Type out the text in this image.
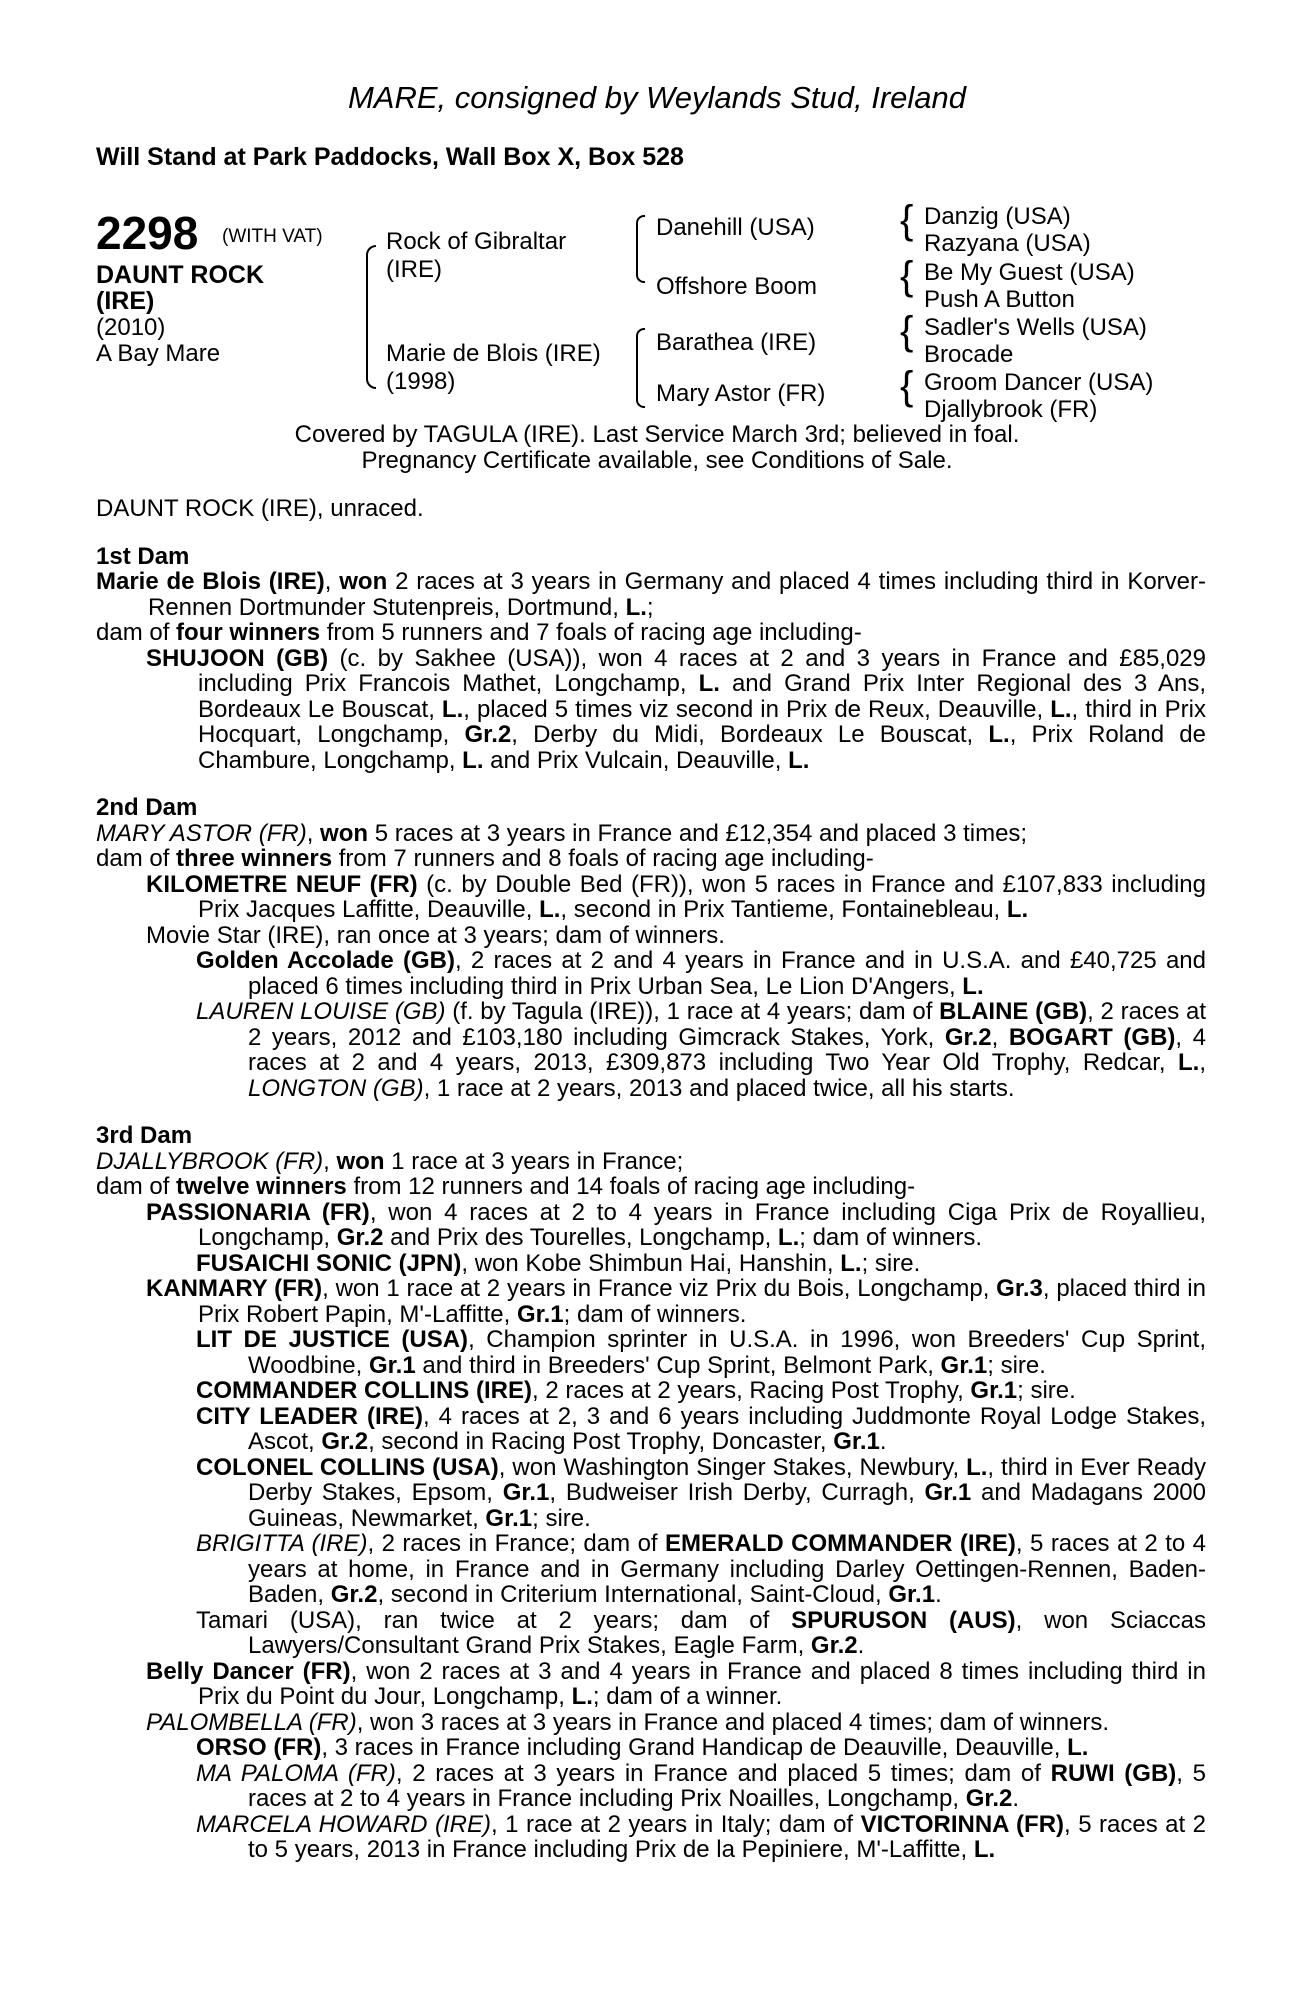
MARE, consigned by Weylands Stud, Ireland
Will Stand at Park Paddocks, Wall Box X, Box 528
2298 (WITH VAT)
DAUNT ROCK
(IRE)
(2010)
A Bay Mare
Rock of Gibraltar
(IRE)
Marie de Blois (IRE)
(1998)
Danehill (USA)
Offshore Boom
Barathea (IRE)
Mary Astor (FR)
{
{
{
{
Danzig (USA)
Razyana (USA)
Be My Guest (USA)
Push A Button
Sadler's Wells (USA)
Brocade
Groom Dancer (USA)
Djallybrook (FR)
Covered by TAGULA (IRE). Last Service March 3rd; believed in foal.
Pregnancy Certificate available, see Conditions of Sale.

DAUNT ROCK (IRE), unraced.

1st Dam

Marie de Blois (IRE), won 2 races at 3 years in Germany and placed 4 times including third in Korver-Rennen Dortmunder Stutenpreis, Dortmund, L.;

dam of four winners from 5 runners and 7 foals of racing age including-

SHUJOON (GB) (c. by Sakhee (USA)), won 4 races at 2 and 3 years in France and £85,029 including Prix Francois Mathet, Longchamp, L. and Grand Prix Inter Regional des 3 Ans, Bordeaux Le Bouscat, L., placed 5 times viz second in Prix de Reux, Deauville, L., third in Prix Hocquart, Longchamp, Gr.2, Derby du Midi, Bordeaux Le Bouscat, L., Prix Roland de Chambure, Longchamp, L. and Prix Vulcain, Deauville, L.

2nd Dam

MARY ASTOR (FR), won 5 races at 3 years in France and £12,354 and placed 3 times;

dam of three winners from 7 runners and 8 foals of racing age including-

KILOMETRE NEUF (FR) (c. by Double Bed (FR)), won 5 races in France and £107,833 including Prix Jacques Laffitte, Deauville, L., second in Prix Tantieme, Fontainebleau, L.

Movie Star (IRE), ran once at 3 years; dam of winners.

Golden Accolade (GB), 2 races at 2 and 4 years in France and in U.S.A. and £40,725 and placed 6 times including third in Prix Urban Sea, Le Lion D'Angers, L.

LAUREN LOUISE (GB) (f. by Tagula (IRE)), 1 race at 4 years; dam of BLAINE (GB), 2 races at 2 years, 2012 and £103,180 including Gimcrack Stakes, York, Gr.2, BOGART (GB), 4 races at 2 and 4 years, 2013, £309,873 including Two Year Old Trophy, Redcar, L., LONGTON (GB), 1 race at 2 years, 2013 and placed twice, all his starts.

3rd Dam

DJALLYBROOK (FR), won 1 race at 3 years in France;

dam of twelve winners from 12 runners and 14 foals of racing age including-

PASSIONARIA (FR), won 4 races at 2 to 4 years in France including Ciga Prix de Royallieu, Longchamp, Gr.2 and Prix des Tourelles, Longchamp, L.; dam of winners.

FUSAICHI SONIC (JPN), won Kobe Shimbun Hai, Hanshin, L.; sire.

KANMARY (FR), won 1 race at 2 years in France viz Prix du Bois, Longchamp, Gr.3, placed third in Prix Robert Papin, M'-Laffitte, Gr.1; dam of winners.

LIT DE JUSTICE (USA), Champion sprinter in U.S.A. in 1996, won Breeders' Cup Sprint, Woodbine, Gr.1 and third in Breeders' Cup Sprint, Belmont Park, Gr.1; sire.

COMMANDER COLLINS (IRE), 2 races at 2 years, Racing Post Trophy, Gr.1; sire.

CITY LEADER (IRE), 4 races at 2, 3 and 6 years including Juddmonte Royal Lodge Stakes, Ascot, Gr.2, second in Racing Post Trophy, Doncaster, Gr.1.

COLONEL COLLINS (USA), won Washington Singer Stakes, Newbury, L., third in Ever Ready Derby Stakes, Epsom, Gr.1, Budweiser Irish Derby, Curragh, Gr.1 and Madagans 2000 Guineas, Newmarket, Gr.1; sire.

BRIGITTA (IRE), 2 races in France; dam of EMERALD COMMANDER (IRE), 5 races at 2 to 4 years at home, in France and in Germany including Darley Oettingen-Rennen, Baden-Baden, Gr.2, second in Criterium International, Saint-Cloud, Gr.1.

Tamari (USA), ran twice at 2 years; dam of SPURUSON (AUS), won Sciaccas Lawyers/Consultant Grand Prix Stakes, Eagle Farm, Gr.2.

Belly Dancer (FR), won 2 races at 3 and 4 years in France and placed 8 times including third in Prix du Point du Jour, Longchamp, L.; dam of a winner.

PALOMBELLA (FR), won 3 races at 3 years in France and placed 4 times; dam of winners.

ORSO (FR), 3 races in France including Grand Handicap de Deauville, Deauville, L.

MA PALOMA (FR), 2 races at 3 years in France and placed 5 times; dam of RUWI (GB), 5 races at 2 to 4 years in France including Prix Noailles, Longchamp, Gr.2.

MARCELA HOWARD (IRE), 1 race at 2 years in Italy; dam of VICTORINNA (FR), 5 races at 2 to 5 years, 2013 in France including Prix de la Pepiniere, M'-Laffitte, L.
